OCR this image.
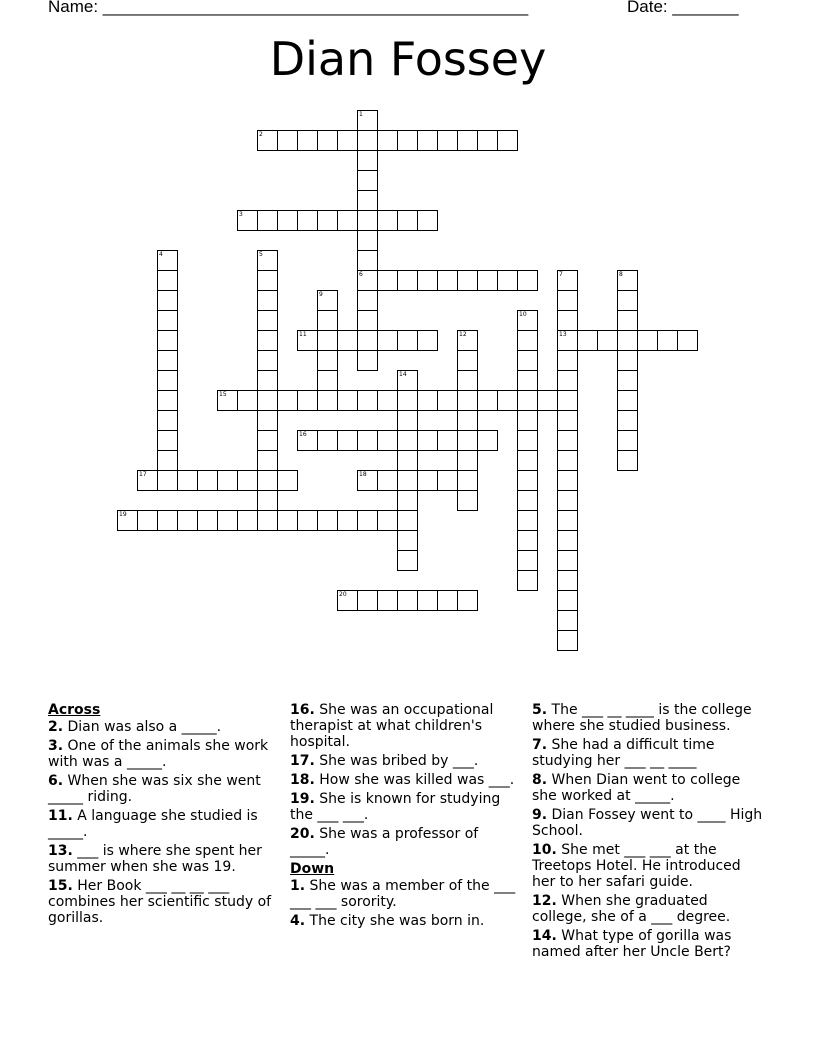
Name: _____________________________________________	Date: _______
Dian Fossey
1
6
2
3
4	5
7
13
8
9
10
11	12
14
15
16
17	18
19
20
Across
2. Dian was also a _____.
3. One of the animals she work with was a _____.
6. When she was six she went _____ riding.
11. A language she studied is _____.
13. ___ is where she spent her summer when she was 19.
15. Her Book ___ __ __ ___ combines her scientific study of gorillas.
16. She was an occupational therapist at what children's hospital.
17. She was bribed by ___.
18. How she was killed was ___.
19. She is known for studying the ___ ___.
20. She was a professor of _____.
Down
1. She was a member of the ___ ___ ___ sorority.
4. The city she was born in.
5. The ___ __ ____ is the college where she studied business.
7. She had a difficult time studying her ___ __ ____
8. When Dian went to college she worked at _____.
9. Dian Fossey went to ____ High School.
10. She met ___ ___ at the Treetops Hotel. He introduced her to her safari guide.
12. When she graduated college, she of a ___ degree.
14. What type of gorilla was named after her Uncle Bert?
